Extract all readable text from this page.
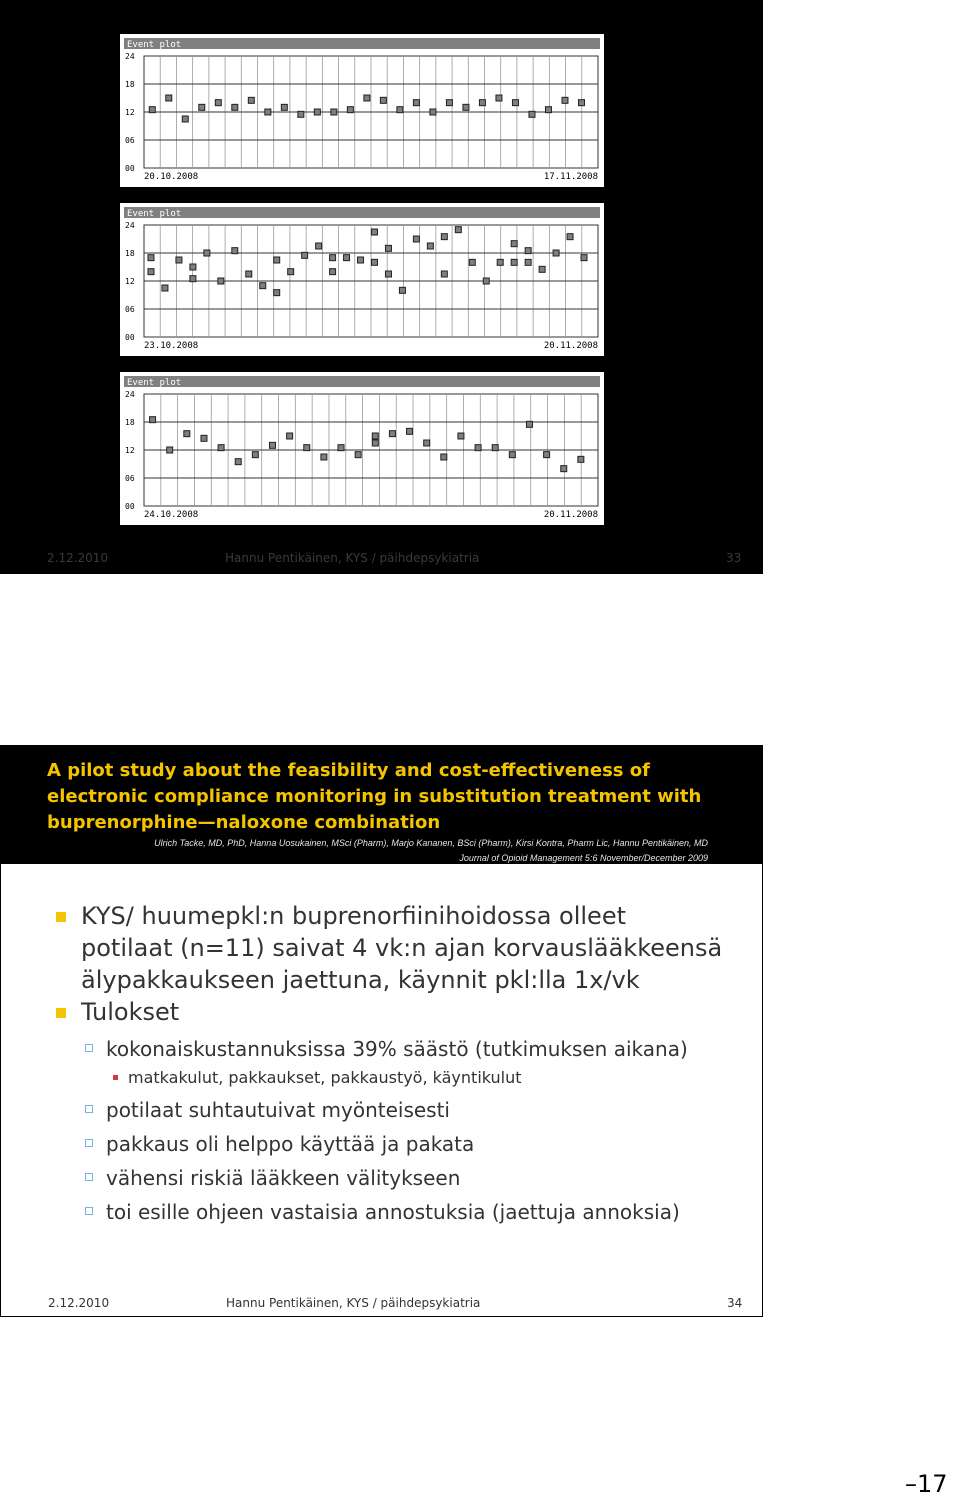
Event plot
00
06
12
18
24
20.10.2008	17.11.2008
Event plot
00
06
12
18
24
23.10.2008	20.11.2008
Event plot
00
06
12
18
24
24.10.2008	20.11.2008
2.12.2010	Hannu Pentikäinen, KYS / päihdepsykiatria	33
A pilot study about the feasibility and cost-effectiveness of electronic compliance monitoring in substitution treatment with buprenorphine—naloxone combination
Ulrich Tacke, MD, PhD, Hanna Uosukainen, MSci (Pharm), Marjo Kananen, BSci (Pharm), Kirsi Kontra, Pharm Lic, Hannu Pentikäinen, MD
Journal of Opioid Management 5:6 November/December 2009
KYS/ huumepkl:n buprenorfiinihoidossa olleet
potilaat (n=11) saivat 4 vk:n ajan korvauslääkkeensä
älypakkaukseen jaettuna, käynnit pkl:lla 1x/vk
Tulokset
kokonaiskustannuksissa 39% säästö (tutkimuksen aikana)
matkakulut, pakkaukset, pakkaustyö, käyntikulut
potilaat suhtautuivat myönteisesti
pakkaus oli helppo käyttää ja pakata
vähensi riskiä lääkkeen välitykseen
toi esille ohjeen vastaisia annostuksia (jaettuja annoksia)
2.12.2010	Hannu Pentikäinen, KYS / päihdepsykiatria	34
–17
